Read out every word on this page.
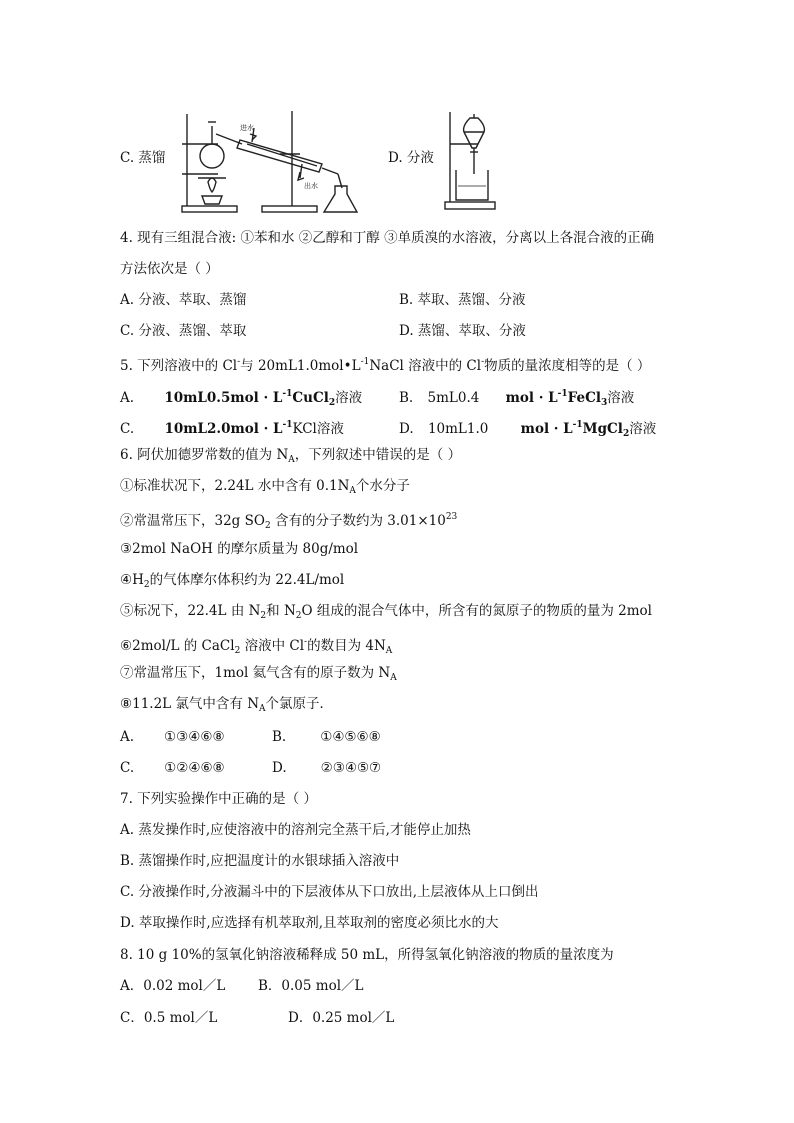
进水
出水
C. 蒸馏	D. 分液
4. 现有三组混合液: ①苯和水 ②乙醇和丁醇 ③单质溴的水溶液，分离以上各混合液的正确
方法依次是（ ）
A. 分液、萃取、蒸馏	B. 萃取、蒸馏、分液
C. 分液、蒸馏、萃取	D. 蒸馏、萃取、分液
5. 下列溶液中的 Cl-与 $20mL1.0mol•L^{-1}NaCl$ 溶液中的 Cl-物质的量浓度相等的是（ ）
A. $10mL0.5mol \cdot L^{-1}CuCl_2$溶液	B. 5mL0.4 mol · $L^{-1}FeCl_3$溶液
C. $10mL2.0mol \cdot L^{-1}KCl$溶液	D. 10mL1.0 mol · $L^{-1}MgCl_2$溶液
6. 阿伏加德罗常数的值为 $N_A$，下列叙述中错误的是（ ）
①标准状况下，2.24L 水中含有 $0.1N_A$个水分子
②常温常压下，32g $SO_2$ 含有的分子数约为 $3.01\times 10^{23}$
③2mol NaOH 的摩尔质量为 80g/mol
$④H_2$的气体摩尔体积约为 22.4L/mol
⑤标况下，22.4L 由 $N_2$和 $N_2O$ 组成的混合气体中，所含有的氮原子的物质的量为 2mol
⑥2mol/L 的 CaCl$_2$ 溶液中 Cl-的数目为 $4N_A$
⑦常温常压下，1mol 氦气含有的原子数为 $N_A$
⑧11.2L 氯气中含有 $N_A$个氯原子．
A. ①③④⑥⑧	B.	①④⑤⑥⑧
C. ①②④⑥⑧	D.	②③④⑤⑦
7. 下列实验操作中正确的是（ ）
A. 蒸发操作时,应使溶液中的溶剂完全蒸干后,才能停止加热
B. 蒸馏操作时,应把温度计的水银球插入溶液中
C. 分液操作时,分液漏斗中的下层液体从下口放出,上层液体从上口倒出
D. 萃取操作时,应选择有机萃取剂,且萃取剂的密度必须比水的大
8. 10 g 10%的氢氧化钠溶液稀释成 50 mL，所得氢氧化钠溶液的物质的量浓度为
A．0.02 mol／L B．0.05 mol／L
C．0.5 mol／L	D．0.25 mol／L
